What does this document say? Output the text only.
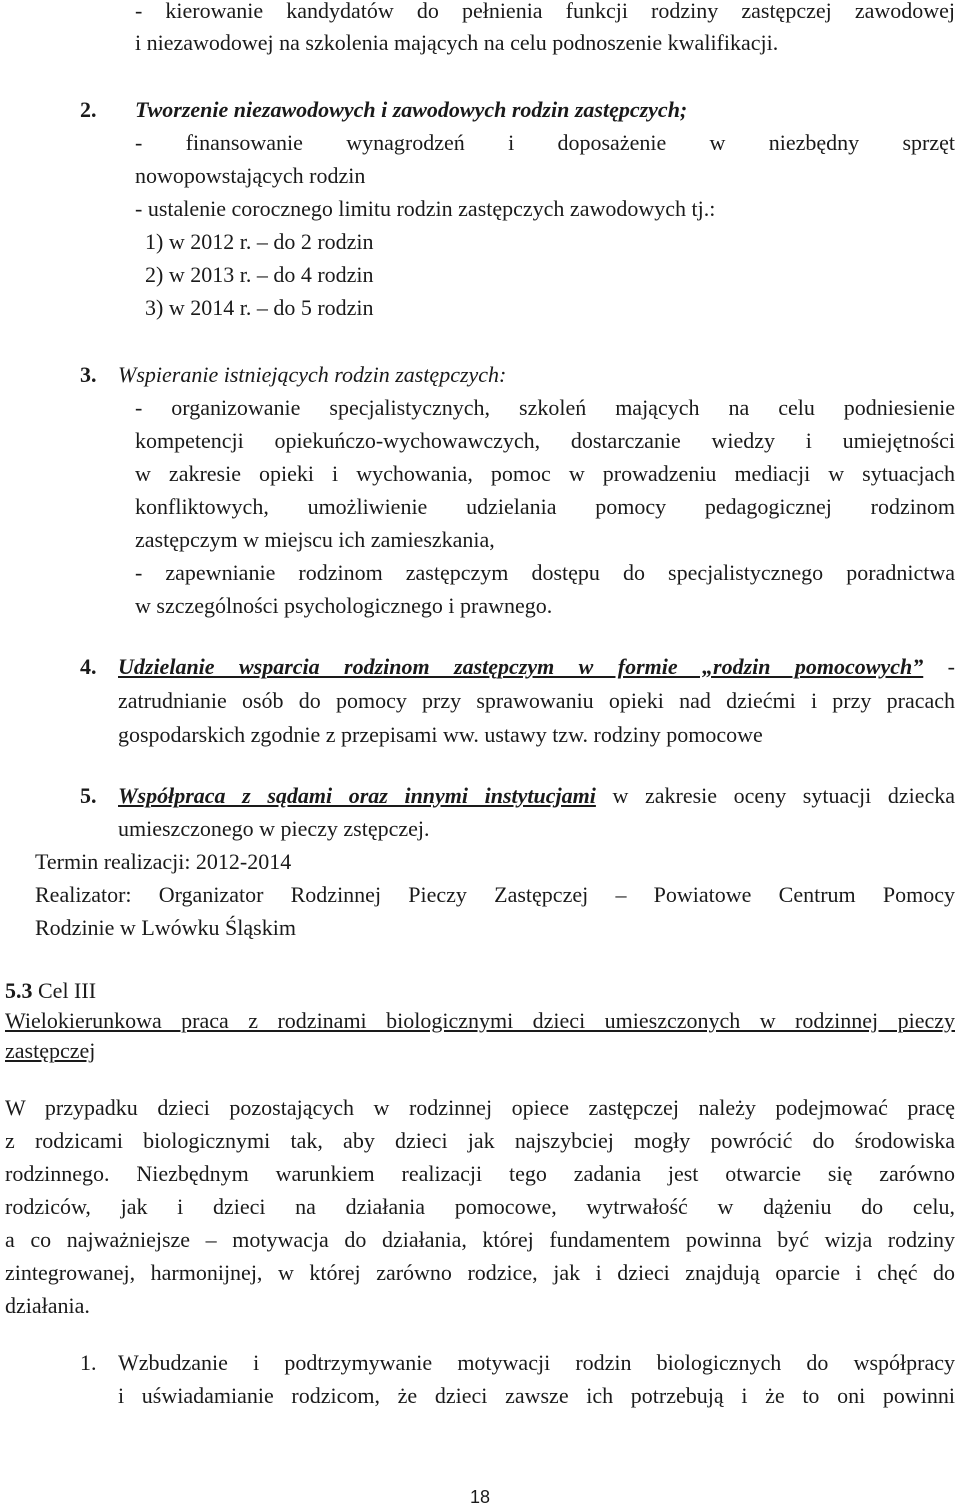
- kierowanie kandydatów do pełnienia funkcji rodziny zastępczej zawodowej
i niezawodowej na szkolenia mających na celu podnoszenie kwalifikacji.
2. Tworzenie niezawodowych i zawodowych rodzin zastępczych;
- finansowanie wynagrodzeń i doposażenie w niezbędny sprzęt
nowopowstających rodzin
- ustalenie corocznego limitu rodzin zastępczych zawodowych tj.:
1) w 2012 r. – do 2 rodzin
2) w 2013 r. – do 4 rodzin
3) w 2014 r. – do 5 rodzin
3. Wspieranie istniejących rodzin zastępczych:
- organizowanie specjalistycznych, szkoleń mających na celu podniesienie
kompetencji opiekuńczo-wychowawczych, dostarczanie wiedzy i umiejętności
w zakresie opieki i wychowania, pomoc w prowadzeniu mediacji w sytuacjach
konfliktowych, umożliwienie udzielania pomocy pedagogicznej rodzinom
zastępczym w miejscu ich zamieszkania,
- zapewnianie rodzinom zastępczym dostępu do specjalistycznego poradnictwa
w szczególności psychologicznego i prawnego.
4. Udzielanie wsparcia rodzinom zastępczym w formie „rodzin pomocowych” -
zatrudnianie osób do pomocy przy sprawowaniu opieki nad dziećmi i przy pracach
gospodarskich zgodnie z przepisami ww. ustawy tzw. rodziny pomocowe
5. Współpraca z sądami oraz innymi instytucjami w zakresie oceny sytuacji dziecka
umieszczonego w pieczy zstępczej.
Termin realizacji: 2012-2014
Realizator: Organizator Rodzinnej Pieczy Zastępczej – Powiatowe Centrum Pomocy
Rodzinie w Lwówku Śląskim
5.3 Cel III
Wielokierunkowa praca z rodzinami biologicznymi dzieci umieszczonych w rodzinnej pieczy
zastępczej
W przypadku dzieci pozostających w rodzinnej opiece zastępczej należy podejmować pracę
z rodzicami biologicznymi tak, aby dzieci jak najszybciej mogły powrócić do środowiska
rodzinnego. Niezbędnym warunkiem realizacji tego zadania jest otwarcie się zarówno
rodziców, jak i dzieci na działania pomocowe, wytrwałość w dążeniu do celu,
a co najważniejsze – motywacja do działania, której fundamentem powinna być wizja rodziny
zintegrowanej, harmonijnej, w której zarówno rodzice, jak i dzieci znajdują oparcie i chęć do
działania.
1. Wzbudzanie i podtrzymywanie motywacji rodzin biologicznych do współpracy
i uświadamianie rodzicom, że dzieci zawsze ich potrzebują i że to oni powinni
18
